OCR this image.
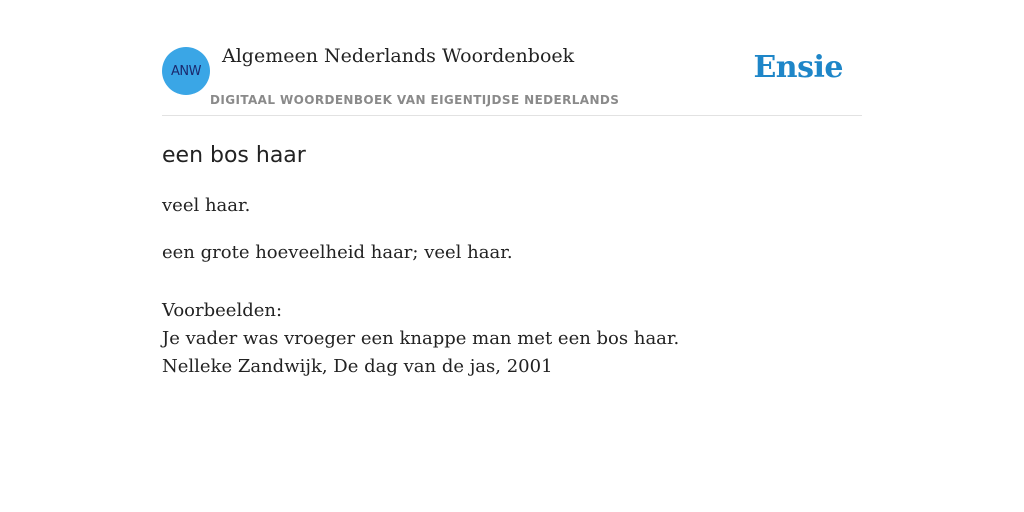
ANW
Algemeen Nederlands Woordenboek
DIGITAAL WOORDENBOEK VAN EIGENTIJDSE NEDERLANDS
Ensie
een bos haar

veel haar.

een grote hoeveelheid haar; veel haar.

Voorbeelden:
Je vader was vroeger een knappe man met een bos haar.
Nelleke Zandwijk, De dag van de jas, 2001
